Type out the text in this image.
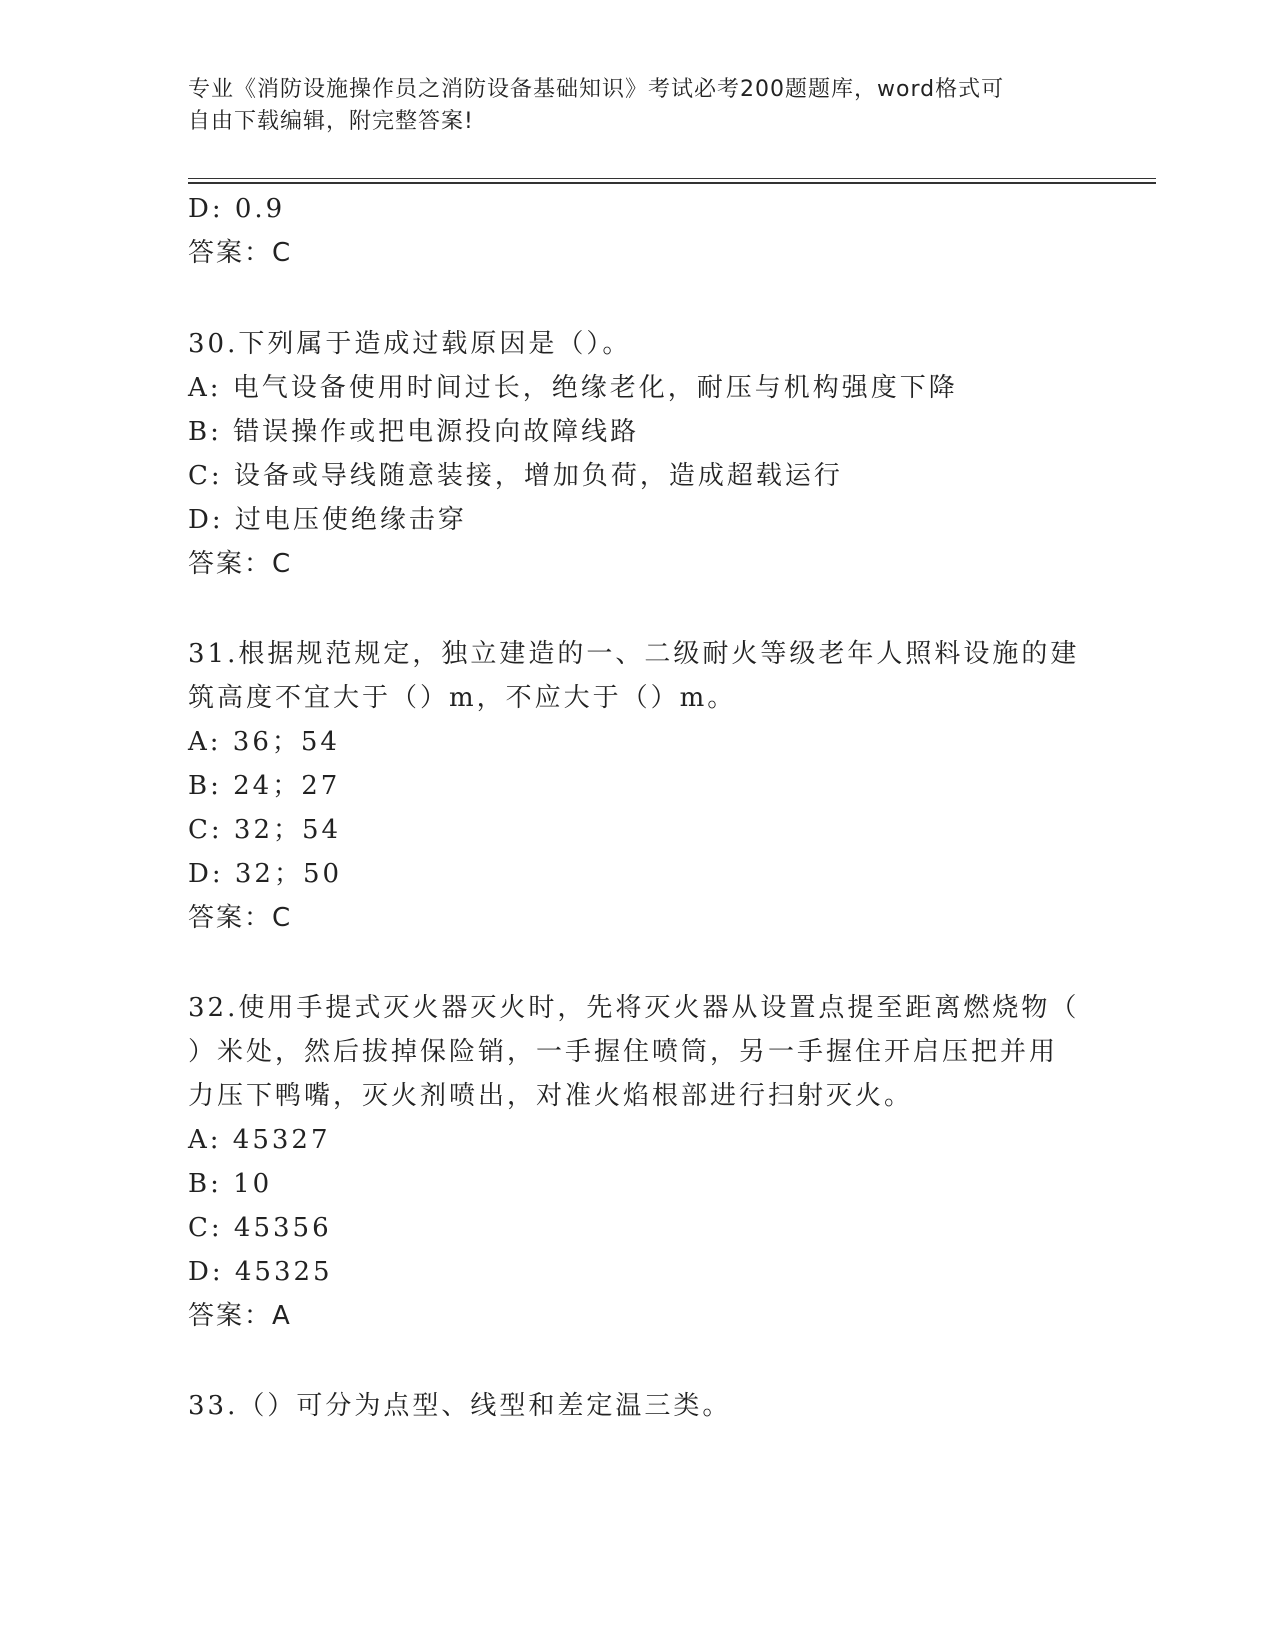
专业《消防设施操作员之消防设备基础知识》考试必考200题题库，word格式可
自由下载编辑，附完整答案!
D: 0.9
答案：C
30.下列属于造成过载原因是（）。
A: 电气设备使用时间过长，绝缘老化，耐压与机构强度下降
B: 错误操作或把电源投向故障线路
C: 设备或导线随意装接，增加负荷，造成超载运行
D: 过电压使绝缘击穿
答案：C
31.根据规范规定，独立建造的一、二级耐火等级老年人照料设施的建
筑高度不宜大于（）m，不应大于（）m。
A: 36；54
B: 24；27
C: 32；54
D: 32；50
答案：C
32.使用手提式灭火器灭火时，先将灭火器从设置点提至距离燃烧物（
）米处，然后拔掉保险销，一手握住喷筒，另一手握住开启压把并用
力压下鸭嘴，灭火剂喷出，对准火焰根部进行扫射灭火。
A: 45327
B: 10
C: 45356
D: 45325
答案：A
33.（）可分为点型、线型和差定温三类。
